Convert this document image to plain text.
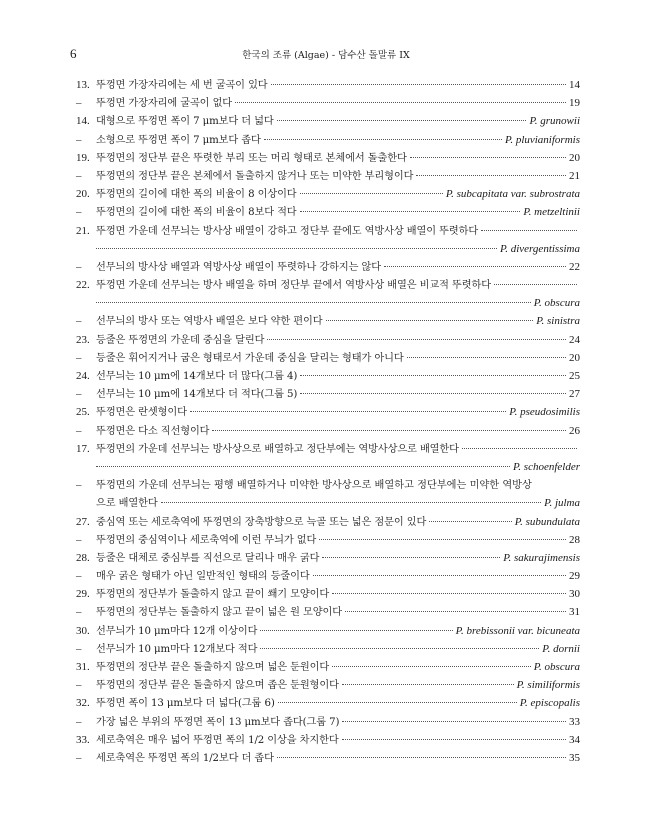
6	한국의 조류 (Algae) - 담수산 돌말류 IX
13. 뚜껑면 가장자리에는 세 번 굴곡이 있다	14
–	뚜껑면 가장자리에 굴곡이 없다	19
14. 대형으로 뚜껑면 폭이 7 μm보다 더 넓다	P. grunowii
–	소형으로 뚜껑면 폭이 7 μm보다 좁다	P. pluvianiformis
19. 뚜껑면의 정단부 끝은 뚜렷한 부리 또는 머리 형태로 본체에서 돌출한다	20
–	뚜껑면의 정단부 끝은 본체에서 돌출하지 않거나 또는 미약한 부리형이다	21
20. 뚜껑면의 길이에 대한 폭의 비율이 8 이상이다	P. subcapitata var. subrostrata
–	뚜껑면의 길이에 대한 폭의 비율이 8보다 적다	P. metzeltinii
21. 뚜껑면 가운데 선무늬는 방사상 배열이 강하고 정단부 끝에도 역방사상 배열이 뚜렷하다
P. divergentissima
–	선무늬의 방사상 배열과 역방사상 배열이 뚜렷하나 강하지는 않다	22
22. 뚜껑면 가운데 선무늬는 방사 배열을 하며 정단부 끝에서 역방사상 배열은 비교적 뚜렷하다
P. obscura
–	선무늬의 방사 또는 역방사 배열은 보다 약한 편이다	P. sinistra
23. 등줄은 뚜껑면의 가운데 중심을 달린다	24
–	등줄은 휘어지거나 굽은 형태로서 가운데 중심을 달리는 형태가 아니다	20
24. 선무늬는 10 μm에 14개보다 더 많다(그룹 4)	25
–	선무늬는 10 μm에 14개보다 더 적다(그룹 5)	27
25. 뚜껑면은 란셋형이다	P. pseudosimilis
–	뚜껑면은 다소 직선형이다	26
17. 뚜껑면의 가운데 선무늬는 방사상으로 배열하고 정단부에는 역방사상으로 배열한다
P. schoenfelder
–	뚜껑면의 가운데 선무늬는 평행 배열하거나 미약한 방사상으로 배열하고 정단부에는 미약한 역방상
으로 배열한다	P. julma
27. 중심역 또는 세로축역에 뚜껑면의 장축방향으로 늑골 또는 넓은 점문이 있다	P. subundulata
–	뚜껑면의 중심역이나 세로축역에 이런 무늬가 없다	28
28. 등줄은 대체로 중심부를 직선으로 달리나 매우 굵다	P. sakurajimensis
–	매우 굵은 형태가 아닌 일반적인 형태의 등줄이다	29
29. 뚜껑면의 정단부가 돌출하지 않고 끝이 쐐기 모양이다	30
–	뚜껑면의 정단부는 돌출하지 않고 끝이 넓은 원 모양이다	31
30. 선무늬가 10 μm마다 12개 이상이다	P. brebissonii var. bicuneata
–	선무늬가 10 μm마다 12개보다 적다	P. dornii
31. 뚜껑면의 정단부 끝은 돌출하지 않으며 넓은 둔원이다	P. obscura
–	뚜껑면의 정단부 끝은 돌출하지 않으며 좁은 둔원형이다	P. similiformis
32. 뚜껑면 폭이 13 μm보다 더 넓다(그룹 6)	P. episcopalis
–	가장 넓은 부위의 뚜껑면 폭이 13 μm보다 좁다(그룹 7)	33
33. 세로축역은 매우 넓어 뚜껑면 폭의 1/2 이상을 차지한다	34
–	세로축역은 뚜껑면 폭의 1/2보다 더 좁다	35
